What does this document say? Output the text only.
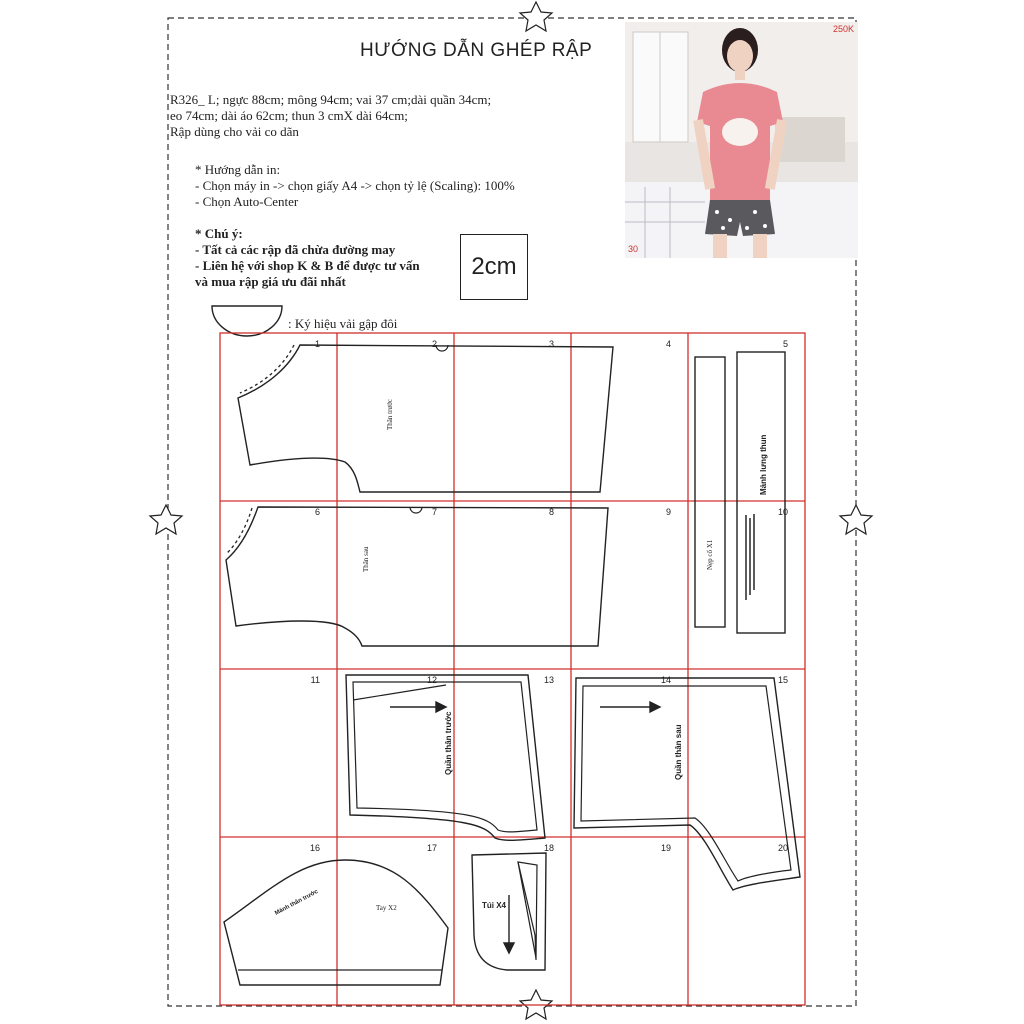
1	2	3	4	5
6	7	8	9	10
11	12	13	14	15
16	17	18	19	20
Thân trước
Thân sau	Nẹp cổ X1
Mảnh lưng thun
Quần thân trước	Quần thân sau
Tay X2
Mảnh thân trước	Túi X4
HƯỚNG DẪN GHÉP RẬP
R326_ L; ngực 88cm; mông 94cm; vai 37 cm;dài quần 34cm;
eo 74cm; dài áo 62cm; thun 3 cmX dài 64cm;
Rập dùng cho vải co dãn
* Hướng dẫn in:
- Chọn máy in -> chọn giấy A4 -> chọn tỷ lệ (Scaling): 100%
- Chọn Auto-Center
* Chú ý:
- Tất cả các rập đã chừa đường may
- Liên hệ với shop K & B để được tư vấn
và mua rập giá ưu đãi nhất
2cm
: Ký hiệu vải gập đôi
250K
30
